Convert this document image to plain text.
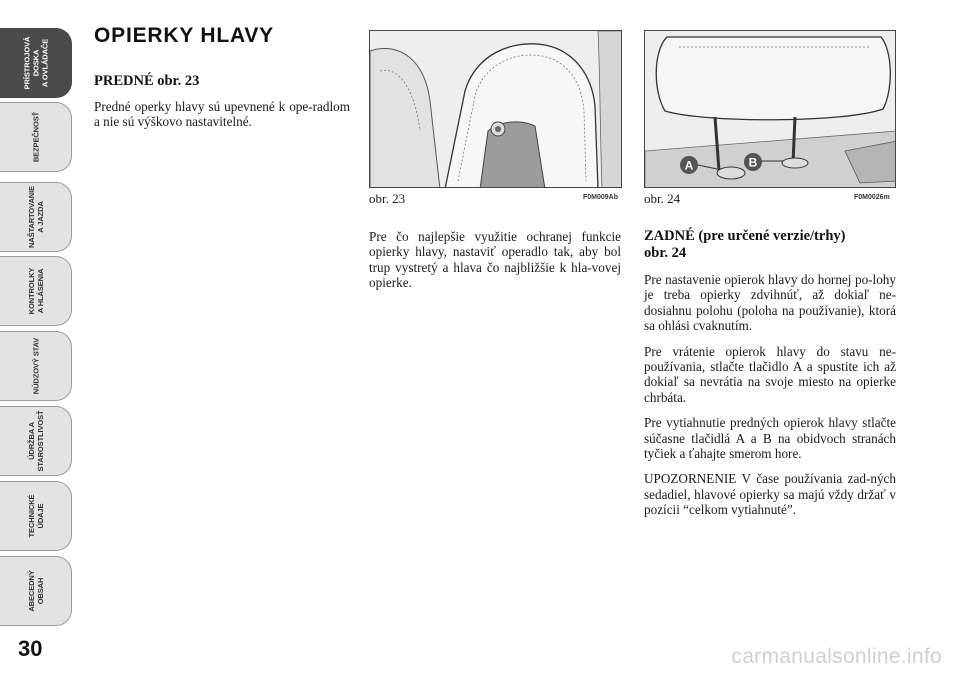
PRÍSTROJOVÁ DOSKA
A OVLÁDAČE
BEZPEČNOSŤ
NAŠTARTOVANIE
A JAZDA
KONTROLKY
A HLÁSENIA
NÚDZOVÝ STAV
ÚDRŽBA A
STAROSTLIVOSŤ
TECHNICKÉ
ÚDAJE
ABECEDNÝ
OBSAH
30
OPIERKY HLAVY
PREDNÉ obr. 23

Predné operky hlavy sú upevnené k ope-radlom a nie sú výškovo nastavitelné.

obr. 23	F0M009Ab

Pre čo najlepšie využitie ochranej funkcie opierky hlavy, nastaviť operadlo tak, aby bol trup vystretý a hlava čo najbližšie k hla-vovej opierke.

A	B
obr. 24	F0M0026m
ZADNÉ (pre určené verzie/trhy)
obr. 24

Pre nastavenie opierok hlavy do hornej po-lohy je treba opierky zdvihnúť, až dokiaľ ne-dosiahnu polohu (poloha na používanie), ktorá sa ohlási cvaknutím.

Pre vrátenie opierok hlavy do stavu ne-používania, stlačte tlačidlo A a spustite ich až dokiaľ sa nevrátia na svoje miesto na opierke chrbáta.

Pre vytiahnutie predných opierok hlavy stlačte súčasne tlačidlá A a B na obidvoch stranách tyčiek a ťahajte smerom hore.

UPOZORNENIE V čase používania zad-ných sedadiel, hlavové opierky sa majú vždy držať v pozícii “celkom vytiahnuté”.

carmanualsonline.info
